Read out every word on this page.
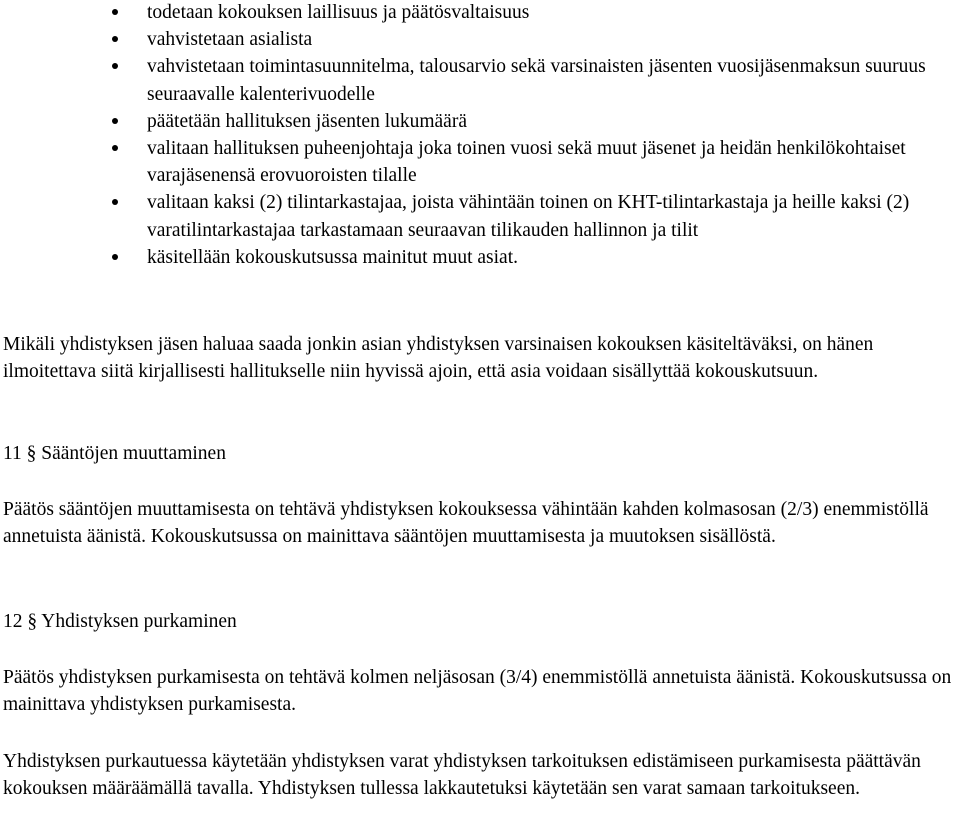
todetaan kokouksen laillisuus ja päätösvaltaisuus
vahvistetaan asialista
vahvistetaan toimintasuunnitelma, talousarvio sekä varsinaisten jäsenten vuosijäsenmaksun suuruus seuraavalle kalenterivuodelle
päätetään hallituksen jäsenten lukumäärä
valitaan hallituksen puheenjohtaja joka toinen vuosi sekä muut jäsenet ja heidän henkilökohtaiset varajäsenensä erovuoroisten tilalle
valitaan kaksi (2) tilintarkastajaa, joista vähintään toinen on KHT-tilintarkastaja ja heille kaksi (2) varatilintarkastajaa tarkastamaan seuraavan tilikauden hallinnon ja tilit
käsitellään kokouskutsussa mainitut muut asiat.

Mikäli yhdistyksen jäsen haluaa saada jonkin asian yhdistyksen varsinaisen kokouksen käsiteltäväksi, on hänen ilmoitettava siitä kirjallisesti hallitukselle niin hyvissä ajoin, että asia voidaan sisällyttää kokouskutsuun.

11 § Sääntöjen muuttaminen

Päätös sääntöjen muuttamisesta on tehtävä yhdistyksen kokouksessa vähintään kahden kolmasosan (2/3) enemmistöllä annetuista äänistä. Kokouskutsussa on mainittava sääntöjen muuttamisesta ja muutoksen sisällöstä.

12 § Yhdistyksen purkaminen

Päätös yhdistyksen purkamisesta on tehtävä kolmen neljäsosan (3/4) enemmistöllä annetuista äänistä. Kokouskutsussa on mainittava yhdistyksen purkamisesta.

Yhdistyksen purkautuessa käytetään yhdistyksen varat yhdistyksen tarkoituksen edistämiseen purkamisesta päättävän kokouksen määräämällä tavalla. Yhdistyksen tullessa lakkautetuksi käytetään sen varat samaan tarkoitukseen.
